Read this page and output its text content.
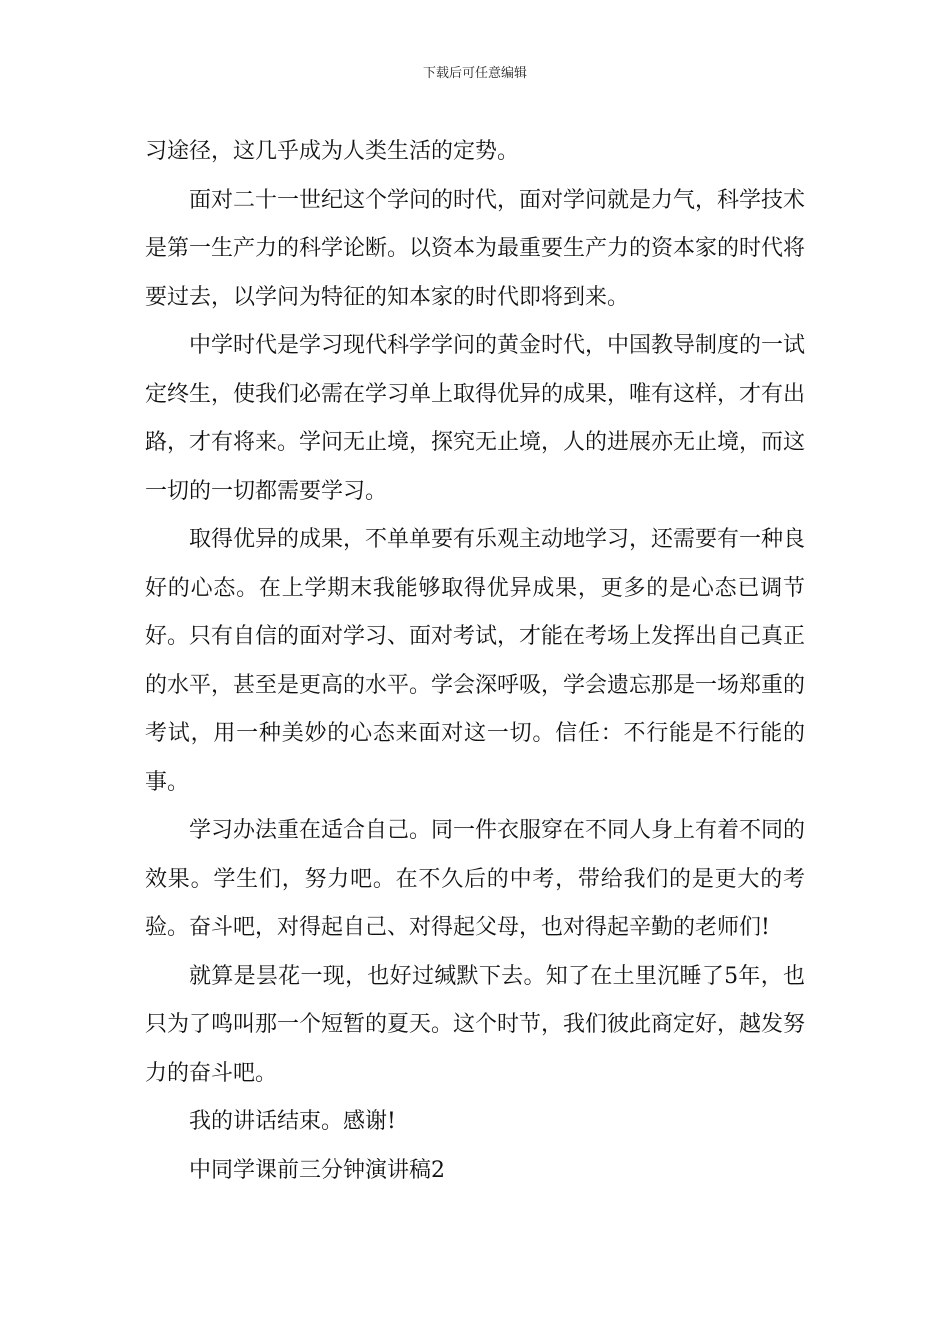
下载后可任意编辑

习途径，这几乎成为人类生活的定势。

面对二十一世纪这个学问的时代，面对学问就是力气，科学技术是第一生产力的科学论断。以资本为最重要生产力的资本家的时代将要过去，以学问为特征的知本家的时代即将到来。

中学时代是学习现代科学学问的黄金时代，中国教导制度的一试定终生，使我们必需在学习单上取得优异的成果，唯有这样，才有出路，才有将来。学问无止境，探究无止境，人的进展亦无止境，而这一切的一切都需要学习。

取得优异的成果，不单单要有乐观主动地学习，还需要有一种良好的心态。在上学期末我能够取得优异成果，更多的是心态已调节好。只有自信的面对学习、面对考试，才能在考场上发挥出自己真正的水平，甚至是更高的水平。学会深呼吸，学会遗忘那是一场郑重的考试，用一种美妙的心态来面对这一切。信任：不行能是不行能的事。

学习办法重在适合自己。同一件衣服穿在不同人身上有着不同的效果。学生们，努力吧。在不久后的中考，带给我们的是更大的考验。奋斗吧，对得起自己、对得起父母，也对得起辛勤的老师们!

就算是昙花一现，也好过缄默下去。知了在土里沉睡了5年，也只为了鸣叫那一个短暂的夏天。这个时节，我们彼此商定好，越发努力的奋斗吧。

我的讲话结束。感谢!

中同学课前三分钟演讲稿2
